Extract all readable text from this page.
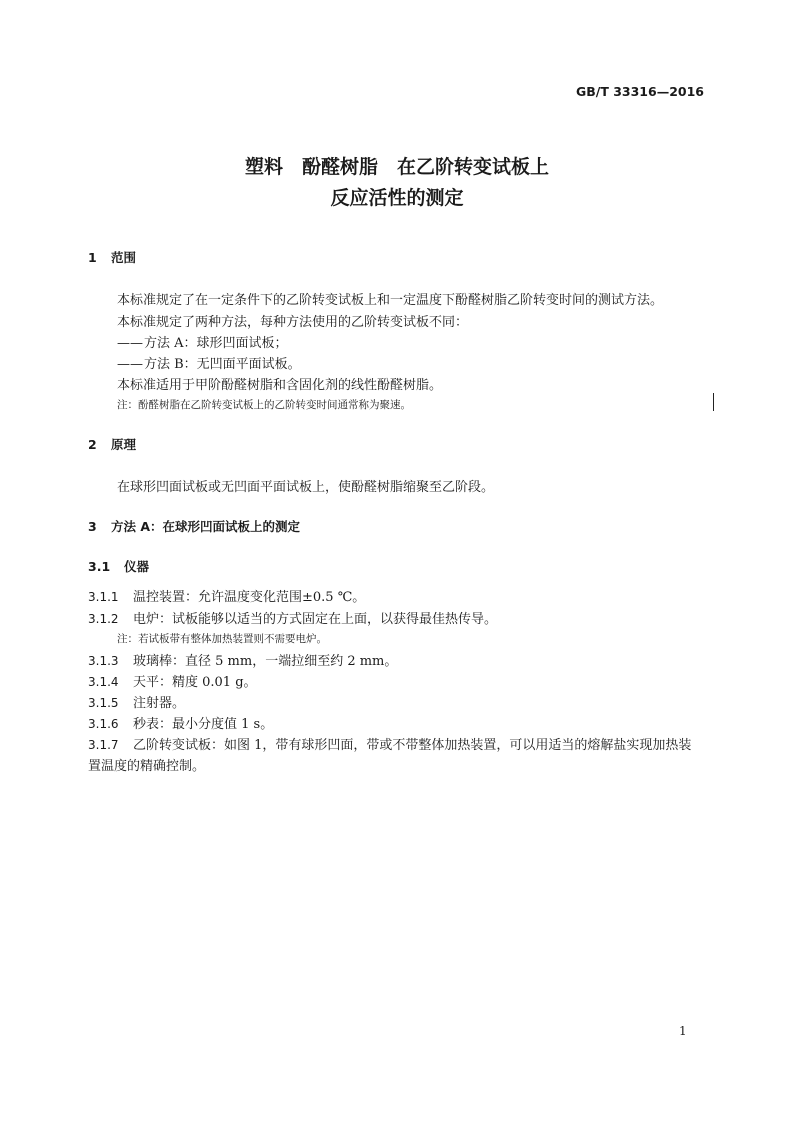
GB/T 33316—2016
塑料　酚醛树脂　在乙阶转变试板上
反应活性的测定
1 范围
本标准规定了在一定条件下的乙阶转变试板上和一定温度下酚醛树脂乙阶转变时间的测试方法。
本标准规定了两种方法，每种方法使用的乙阶转变试板不同：
——方法 A：球形凹面试板；
——方法 B：无凹面平面试板。
本标准适用于甲阶酚醛树脂和含固化剂的线性酚醛树脂。
注：酚醛树脂在乙阶转变试板上的乙阶转变时间通常称为聚速。
2 原理
在球形凹面试板或无凹面平面试板上，使酚醛树脂缩聚至乙阶段。
3 方法 A：在球形凹面试板上的测定
3.1 仪器
3.1.1 温控装置：允许温度变化范围±0.5 ℃。
3.1.2 电炉：试板能够以适当的方式固定在上面，以获得最佳热传导。
注：若试板带有整体加热装置则不需要电炉。
3.1.3 玻璃棒：直径 5 mm，一端拉细至约 2 mm。
3.1.4 天平：精度 0.01 g。
3.1.5 注射器。
3.1.6 秒表：最小分度值 1 s。
3.1.7 乙阶转变试板：如图 1，带有球形凹面，带或不带整体加热装置，可以用适当的熔解盐实现加热装
置温度的精确控制。
1
